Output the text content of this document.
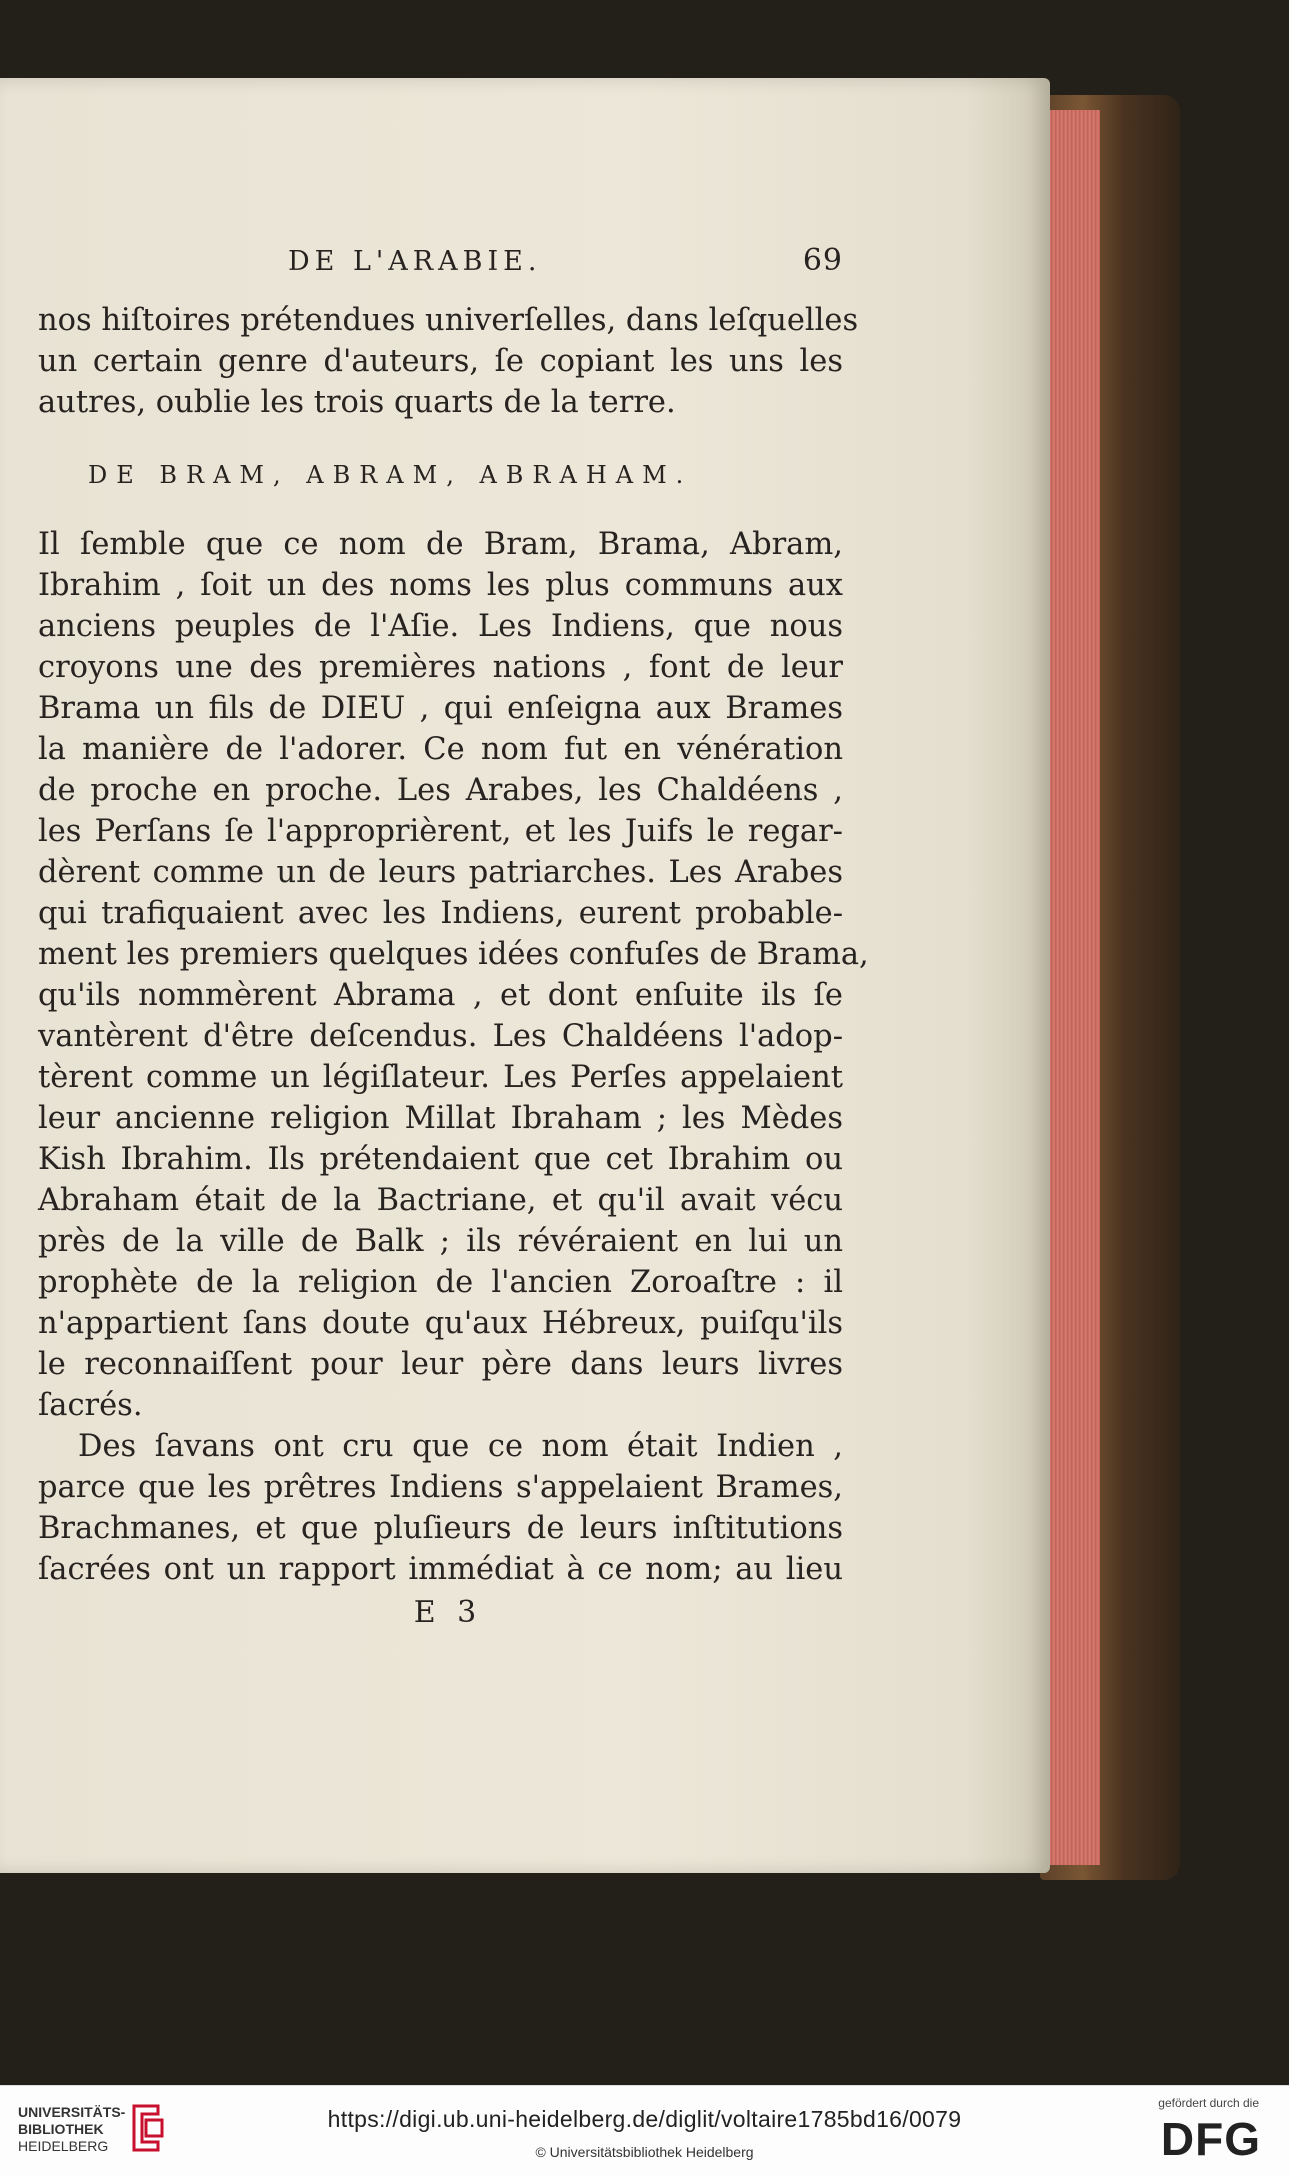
DE L'ARABIE.	69
nos hiſtoires prétendues univerſelles, dans leſquelles
un certain genre d'auteurs, ſe copiant les uns les
autres, oublie les trois quarts de la terre.
DE BRAM, ABRAM, ABRAHAM.
Il ſemble que ce nom de Bram, Brama, Abram,
Ibrahim , ſoit un des noms les plus communs aux
anciens peuples de l'Aſie. Les Indiens, que nous
croyons une des premières nations , font de leur
Brama un fils de DIEU , qui enſeigna aux Brames
la manière de l'adorer. Ce nom fut en vénération
de proche en proche. Les Arabes, les Chaldéens ,
les Perſans ſe l'approprièrent, et les Juifs le regar-
dèrent comme un de leurs patriarches. Les Arabes
qui trafiquaient avec les Indiens, eurent probable-
ment les premiers quelques idées confuſes de Brama,
qu'ils nommèrent Abrama , et dont enſuite ils ſe
vantèrent d'être deſcendus. Les Chaldéens l'adop-
tèrent comme un légiſlateur. Les Perſes appelaient
leur ancienne religion Millat Ibraham ; les Mèdes
Kish Ibrahim. Ils prétendaient que cet Ibrahim ou
Abraham était de la Bactriane, et qu'il avait vécu
près de la ville de Balk ; ils révéraient en lui un
prophète de la religion de l'ancien Zoroaſtre : il
n'appartient ſans doute qu'aux Hébreux, puiſqu'ils
le reconnaiſſent pour leur père dans leurs livres
ſacrés.
Des ſavans ont cru que ce nom était Indien ,
parce que les prêtres Indiens s'appelaient Brames,
Brachmanes, et que pluſieurs de leurs inſtitutions
ſacrées ont un rapport immédiat à ce nom; au lieu
E 3
UNIVERSITÄTS-
BIBLIOTHEK
HEIDELBERG
https://digi.ub.uni-heidelberg.de/diglit/voltaire1785bd16/0079
© Universitätsbibliothek Heidelberg
gefördert durch die
DFG
